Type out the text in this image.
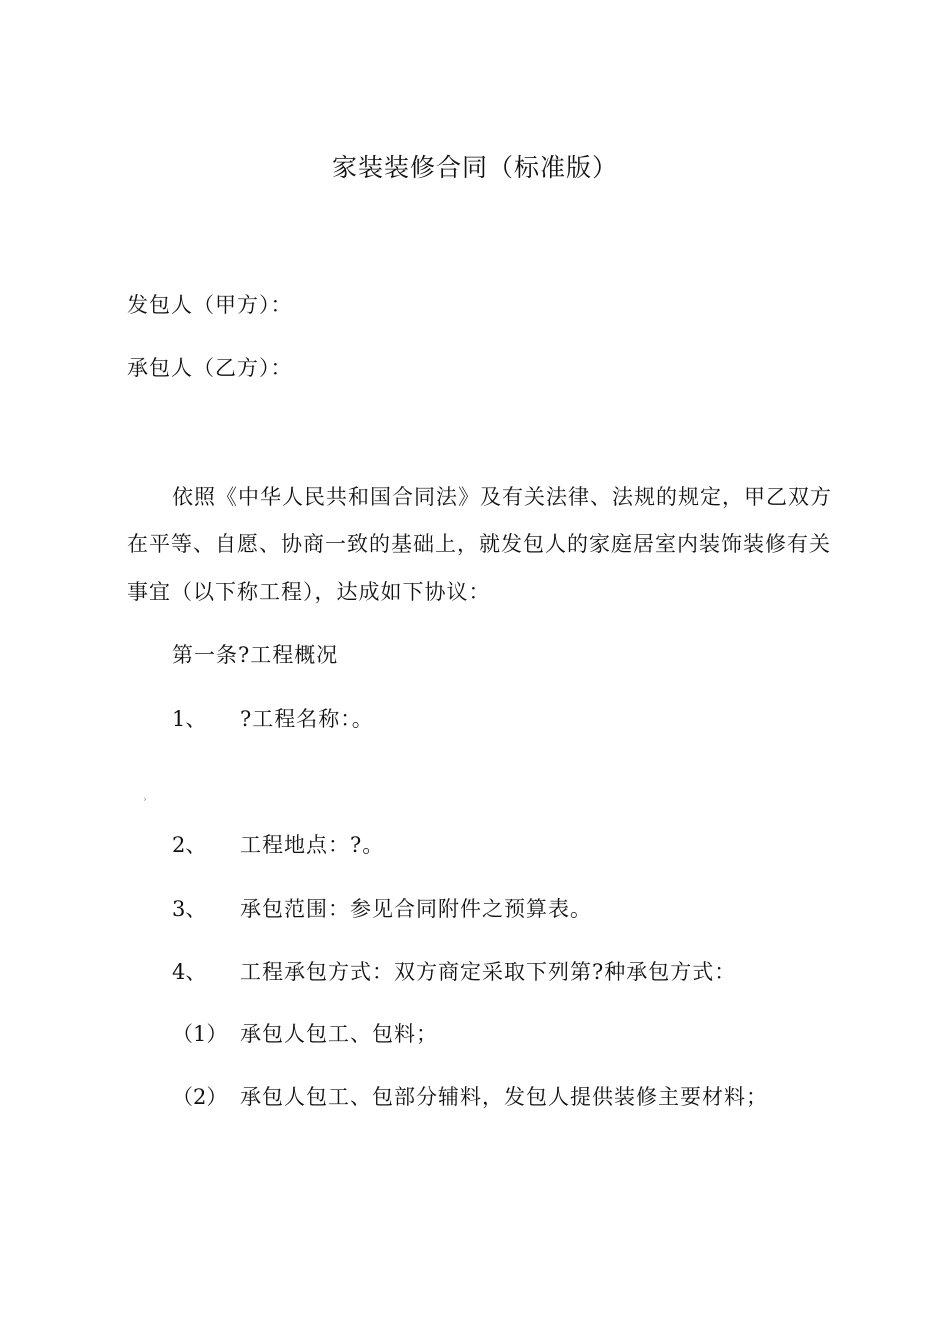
家装装修合同（标准版）
发包人（甲方）：
承包人（乙方）：
依照《中华人民共和国合同法》及有关法律、法规的规定，甲乙双方
在平等、自愿、协商一致的基础上，就发包人的家庭居室内装饰装修有关
事宜（以下称工程），达成如下协议：
第一条?工程概况
1、 ?工程名称：。
›
2、 工程地点：?。
3、 承包范围：参见合同附件之预算表。
4、 工程承包方式：双方商定采取下列第?种承包方式：
（1） 承包人包工、包料；
（2） 承包人包工、包部分辅料，发包人提供装修主要材料；
